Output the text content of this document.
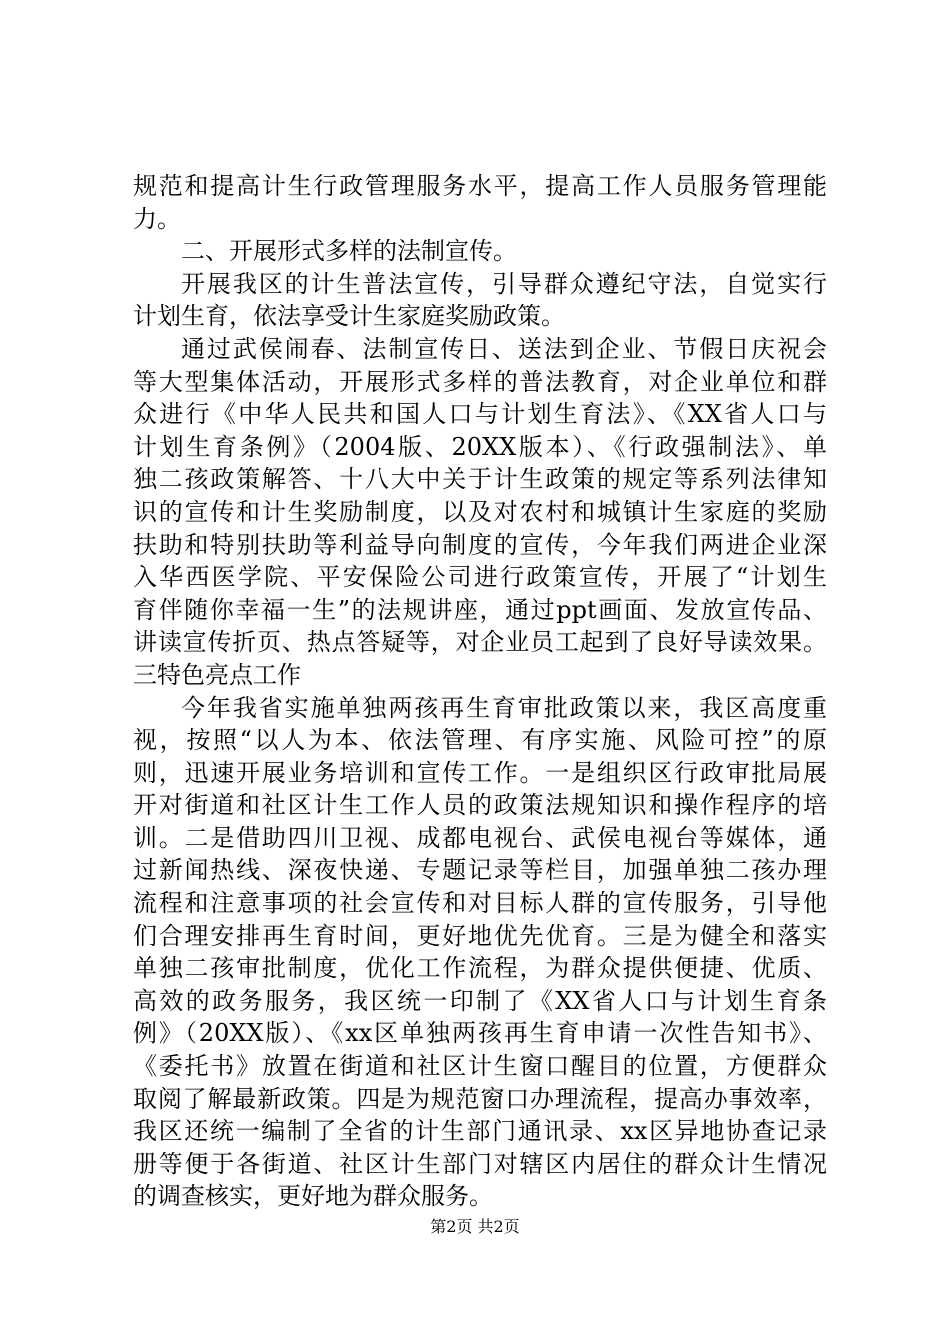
规范和提高计生行政管理服务水平，提高工作人员服务管理能
力。
二、开展形式多样的法制宣传。
开展我区的计生普法宣传，引导群众遵纪守法，自觉实行
计划生育，依法享受计生家庭奖励政策。
通过武侯闹春、法制宣传日、送法到企业、节假日庆祝会
等大型集体活动，开展形式多样的普法教育，对企业单位和群
众进行《中华人民共和国人口与计划生育法》、《XX省人口与
计划生育条例》（2004版、20XX版本）、《行政强制法》、单
独二孩政策解答、十八大中关于计生政策的规定等系列法律知
识的宣传和计生奖励制度，以及对农村和城镇计生家庭的奖励
扶助和特别扶助等利益导向制度的宣传，今年我们两进企业深
入华西医学院、平安保险公司进行政策宣传，开展了“计划生
育伴随你幸福一生”的法规讲座，通过ppt画面、发放宣传品、
讲读宣传折页、热点答疑等，对企业员工起到了良好导读效果。
三特色亮点工作
今年我省实施单独两孩再生育审批政策以来，我区高度重
视，按照“以人为本、依法管理、有序实施、风险可控”的原
则，迅速开展业务培训和宣传工作。一是组织区行政审批局展
开对街道和社区计生工作人员的政策法规知识和操作程序的培
训。二是借助四川卫视、成都电视台、武侯电视台等媒体，通
过新闻热线、深夜快递、专题记录等栏目，加强单独二孩办理
流程和注意事项的社会宣传和对目标人群的宣传服务，引导他
们合理安排再生育时间，更好地优先优育。三是为健全和落实
单独二孩审批制度，优化工作流程，为群众提供便捷、优质、
高效的政务服务，我区统一印制了《XX省人口与计划生育条
例》（20XX版）、《xx区单独两孩再生育申请一次性告知书》、
《委托书》放置在街道和社区计生窗口醒目的位置，方便群众
取阅了解最新政策。四是为规范窗口办理流程，提高办事效率，
我区还统一编制了全省的计生部门通讯录、xx区异地协查记录
册等便于各街道、社区计生部门对辖区内居住的群众计生情况
的调查核实，更好地为群众服务。
第2页 共2页
